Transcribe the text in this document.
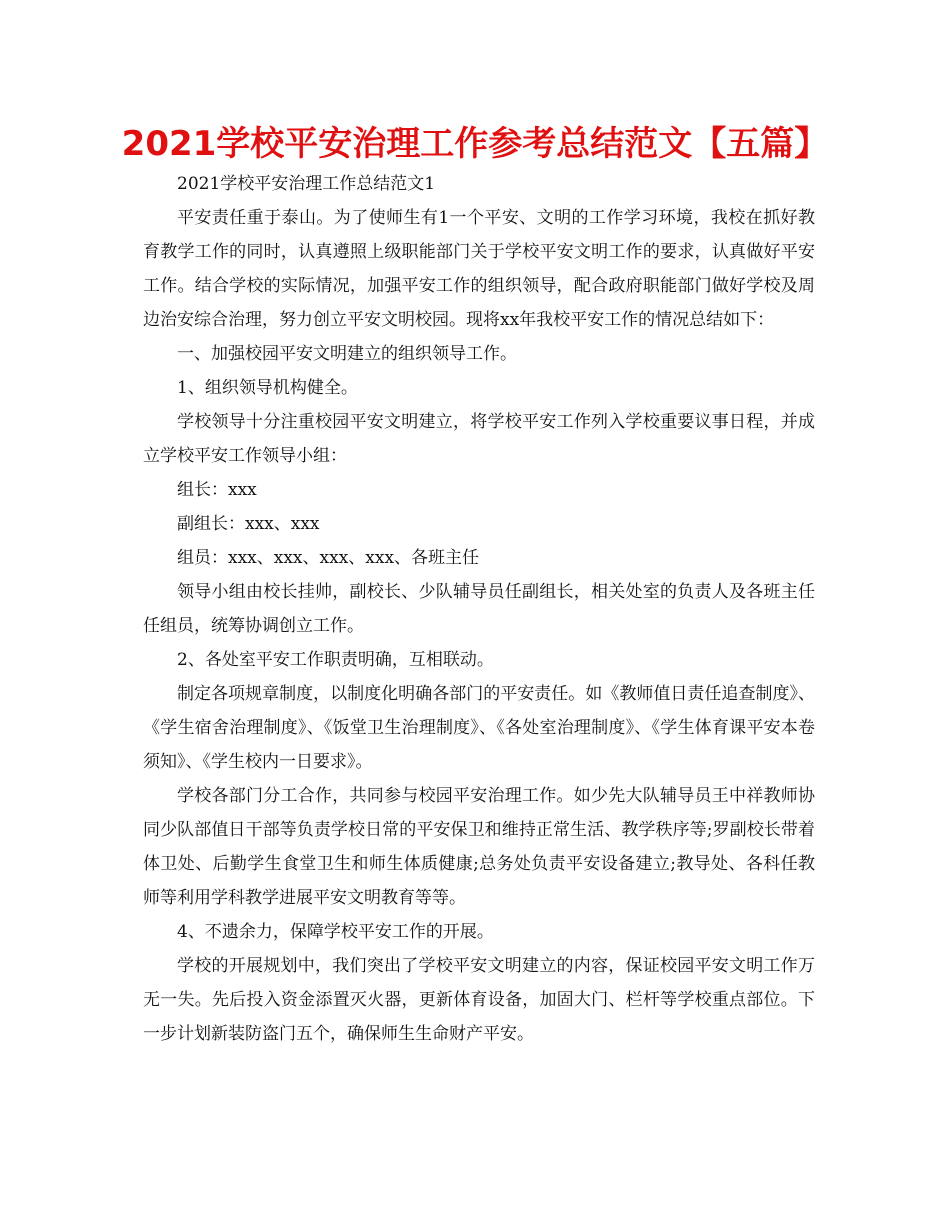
2021学校平安治理工作参考总结范文【五篇】

2021学校平安治理工作总结范文1

平安责任重于泰山。为了使师生有1一个平安、文明的工作学习环境，我校在抓好教育教学工作的同时，认真遵照上级职能部门关于学校平安文明工作的要求，认真做好平安工作。结合学校的实际情况，加强平安工作的组织领导，配合政府职能部门做好学校及周边治安综合治理，努力创立平安文明校园。现将xx年我校平安工作的情况总结如下：

一、加强校园平安文明建立的组织领导工作。

1、组织领导机构健全。

学校领导十分注重校园平安文明建立，将学校平安工作列入学校重要议事日程，并成立学校平安工作领导小组：

组长：xxx

副组长：xxx、xxx

组员：xxx、xxx、xxx、xxx、各班主任

领导小组由校长挂帅，副校长、少队辅导员任副组长，相关处室的负责人及各班主任任组员，统筹协调创立工作。

2、各处室平安工作职责明确，互相联动。

制定各项规章制度，以制度化明确各部门的平安责任。如《教师值日责任追查制度》、《学生宿舍治理制度》、《饭堂卫生治理制度》、《各处室治理制度》、《学生体育课平安本卷须知》、《学生校内一日要求》。

学校各部门分工合作，共同参与校园平安治理工作。如少先大队辅导员王中祥教师协同少队部值日干部等负责学校日常的平安保卫和维持正常生活、教学秩序等;罗副校长带着体卫处、后勤学生食堂卫生和师生体质健康;总务处负责平安设备建立;教导处、各科任教师等利用学科教学进展平安文明教育等等。

4、不遗余力，保障学校平安工作的开展。

学校的开展规划中，我们突出了学校平安文明建立的内容，保证校园平安文明工作万无一失。先后投入资金添置灭火器，更新体育设备，加固大门、栏杆等学校重点部位。下一步计划新装防盗门五个，确保师生生命财产平安。
